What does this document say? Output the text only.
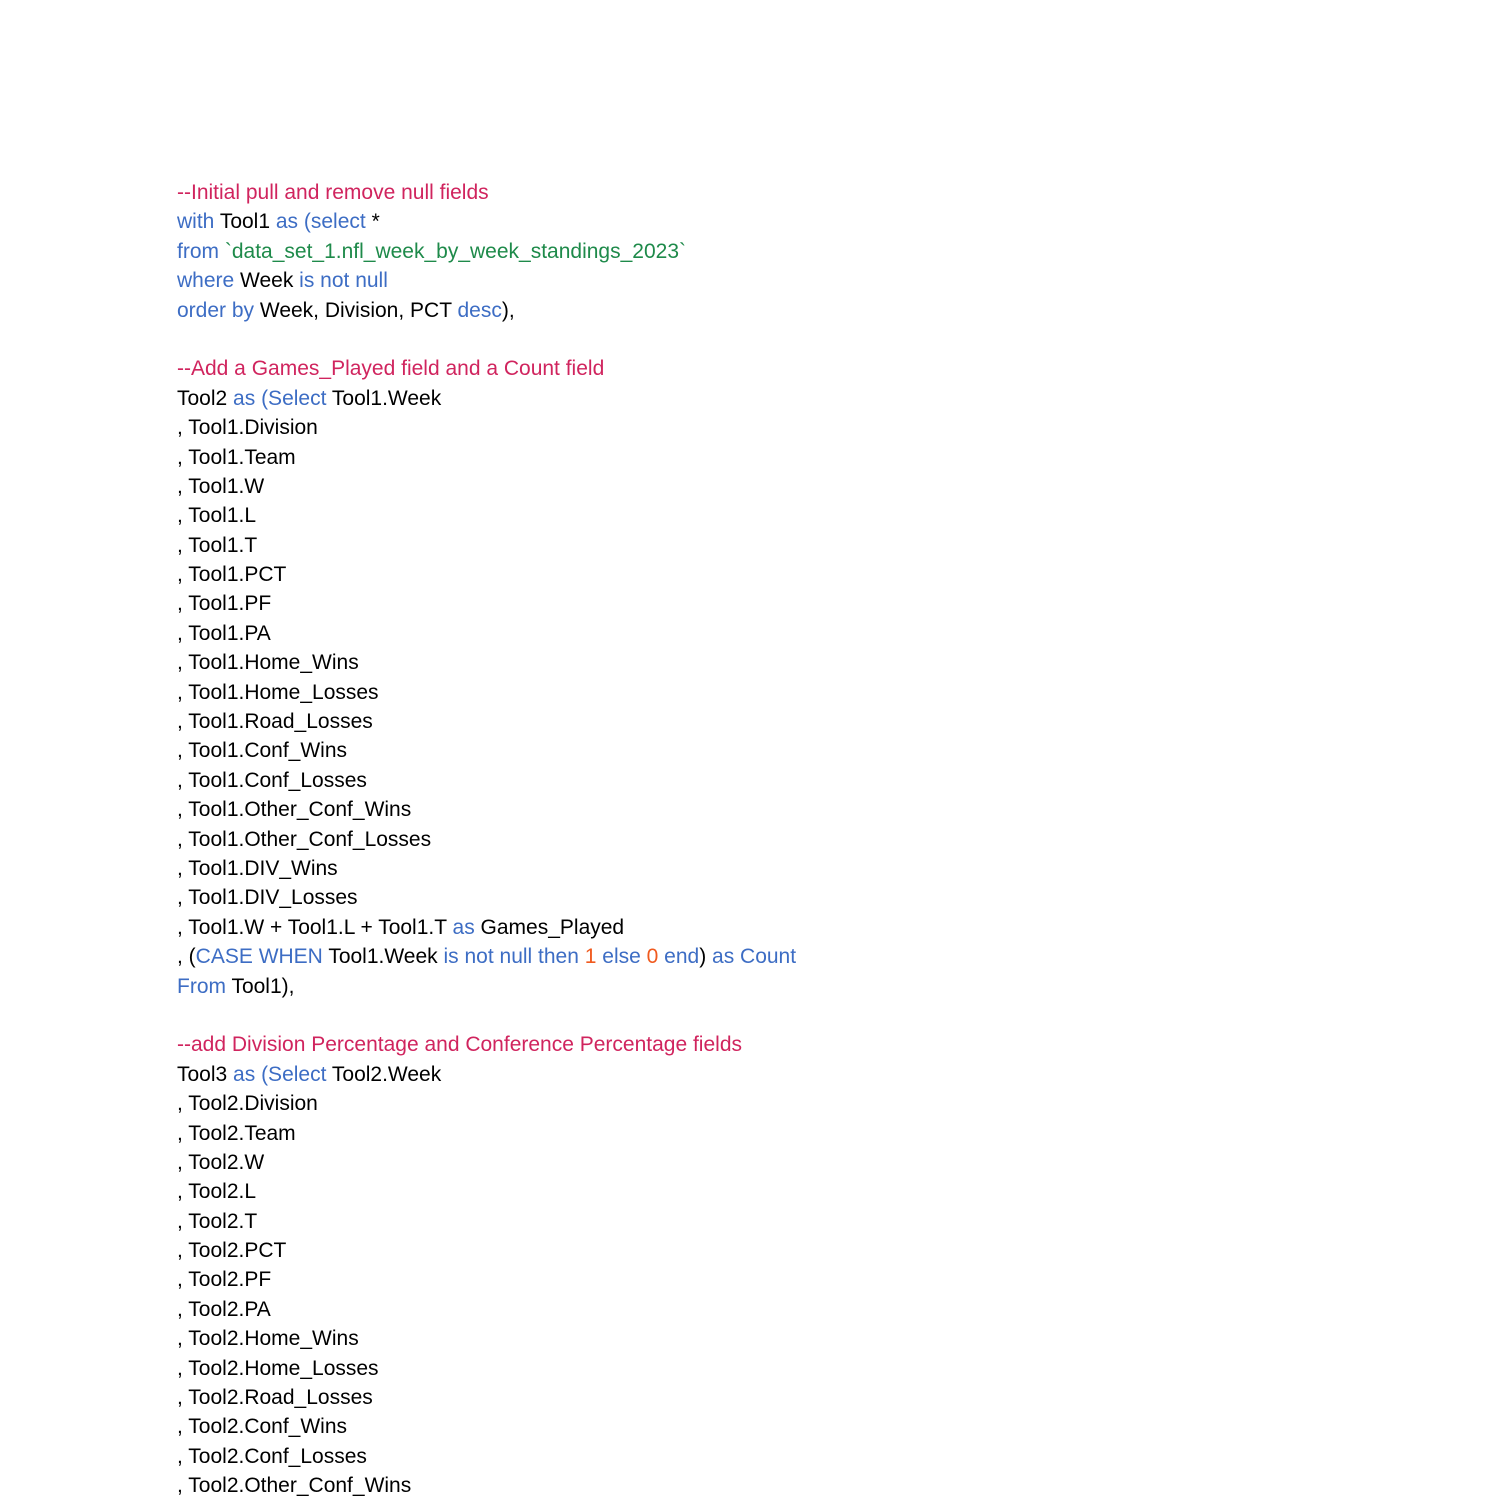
--Initial pull and remove null fields
with Tool1 as (select *
from `data_set_1.nfl_week_by_week_standings_2023`
where Week is not null
order by Week, Division, PCT desc),
--Add a Games_Played field and a Count field
Tool2 as (Select Tool1.Week
, Tool1.Division
, Tool1.Team
, Tool1.W
, Tool1.L
, Tool1.T
, Tool1.PCT
, Tool1.PF
, Tool1.PA
, Tool1.Home_Wins
, Tool1.Home_Losses
, Tool1.Road_Losses
, Tool1.Conf_Wins
, Tool1.Conf_Losses
, Tool1.Other_Conf_Wins
, Tool1.Other_Conf_Losses
, Tool1.DIV_Wins
, Tool1.DIV_Losses
, Tool1.W + Tool1.L + Tool1.T as Games_Played
, (CASE WHEN Tool1.Week is not null then 1 else 0 end) as Count
From Tool1),
--add Division Percentage and Conference Percentage fields
Tool3 as (Select Tool2.Week
, Tool2.Division
, Tool2.Team
, Tool2.W
, Tool2.L
, Tool2.T
, Tool2.PCT
, Tool2.PF
, Tool2.PA
, Tool2.Home_Wins
, Tool2.Home_Losses
, Tool2.Road_Losses
, Tool2.Conf_Wins
, Tool2.Conf_Losses
, Tool2.Other_Conf_Wins
